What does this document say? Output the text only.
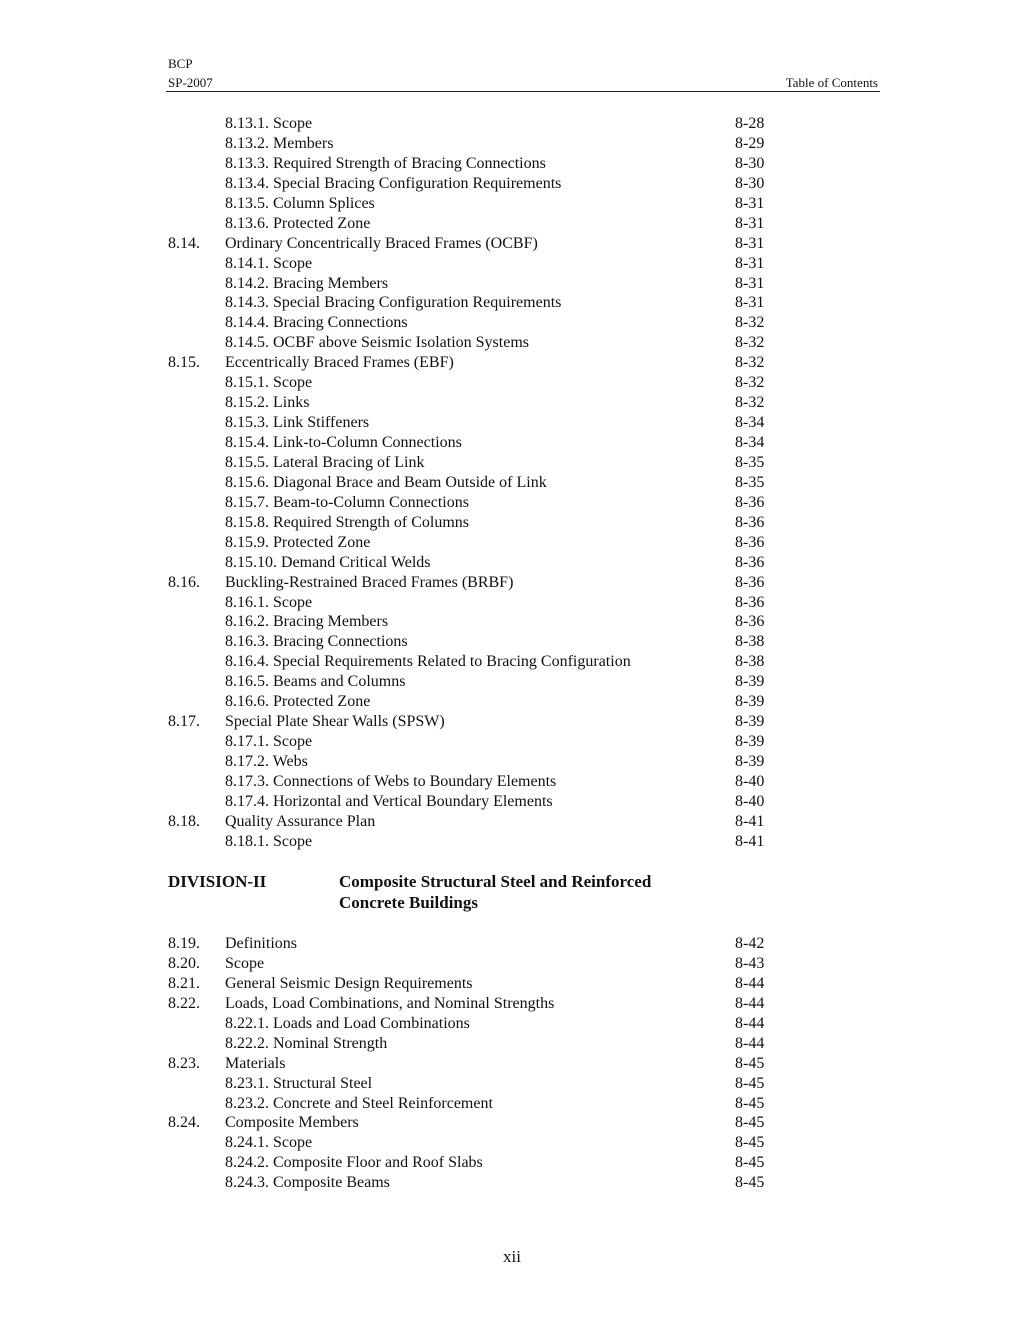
BCP
SP-2007	Table of Contents
8.13.1. Scope	8-28
8.13.2. Members	8-29
8.13.3. Required Strength of Bracing Connections	8-30
8.13.4. Special Bracing Configuration Requirements	8-30
8.13.5. Column Splices	8-31
8.13.6. Protected Zone	8-31
8.14. Ordinary Concentrically Braced Frames (OCBF)	8-31
8.14.1. Scope	8-31
8.14.2. Bracing Members	8-31
8.14.3. Special Bracing Configuration Requirements	8-31
8.14.4. Bracing Connections	8-32
8.14.5. OCBF above Seismic Isolation Systems	8-32
8.15. Eccentrically Braced Frames (EBF)	8-32
8.15.1. Scope	8-32
8.15.2. Links	8-32
8.15.3. Link Stiffeners	8-34
8.15.4. Link-to-Column Connections	8-34
8.15.5. Lateral Bracing of Link	8-35
8.15.6. Diagonal Brace and Beam Outside of Link	8-35
8.15.7. Beam-to-Column Connections	8-36
8.15.8. Required Strength of Columns	8-36
8.15.9. Protected Zone	8-36
8.15.10. Demand Critical Welds	8-36
8.16. Buckling-Restrained Braced Frames (BRBF)	8-36
8.16.1. Scope	8-36
8.16.2. Bracing Members	8-36
8.16.3. Bracing Connections	8-38
8.16.4. Special Requirements Related to Bracing Configuration	8-38
8.16.5. Beams and Columns	8-39
8.16.6. Protected Zone	8-39
8.17. Special Plate Shear Walls (SPSW)	8-39
8.17.1. Scope	8-39
8.17.2. Webs	8-39
8.17.3. Connections of Webs to Boundary Elements	8-40
8.17.4. Horizontal and Vertical Boundary Elements	8-40
8.18. Quality Assurance Plan	8-41
8.18.1. Scope	8-41
DIVISION-II	Composite Structural Steel and Reinforced Concrete Buildings
8.19. Definitions	8-42
8.20. Scope	8-43
8.21. General Seismic Design Requirements	8-44
8.22. Loads, Load Combinations, and Nominal Strengths	8-44
8.22.1. Loads and Load Combinations	8-44
8.22.2. Nominal Strength	8-44
8.23. Materials	8-45
8.23.1. Structural Steel	8-45
8.23.2. Concrete and Steel Reinforcement	8-45
8.24. Composite Members	8-45
8.24.1. Scope	8-45
8.24.2. Composite Floor and Roof Slabs	8-45
8.24.3. Composite Beams	8-45
xii
